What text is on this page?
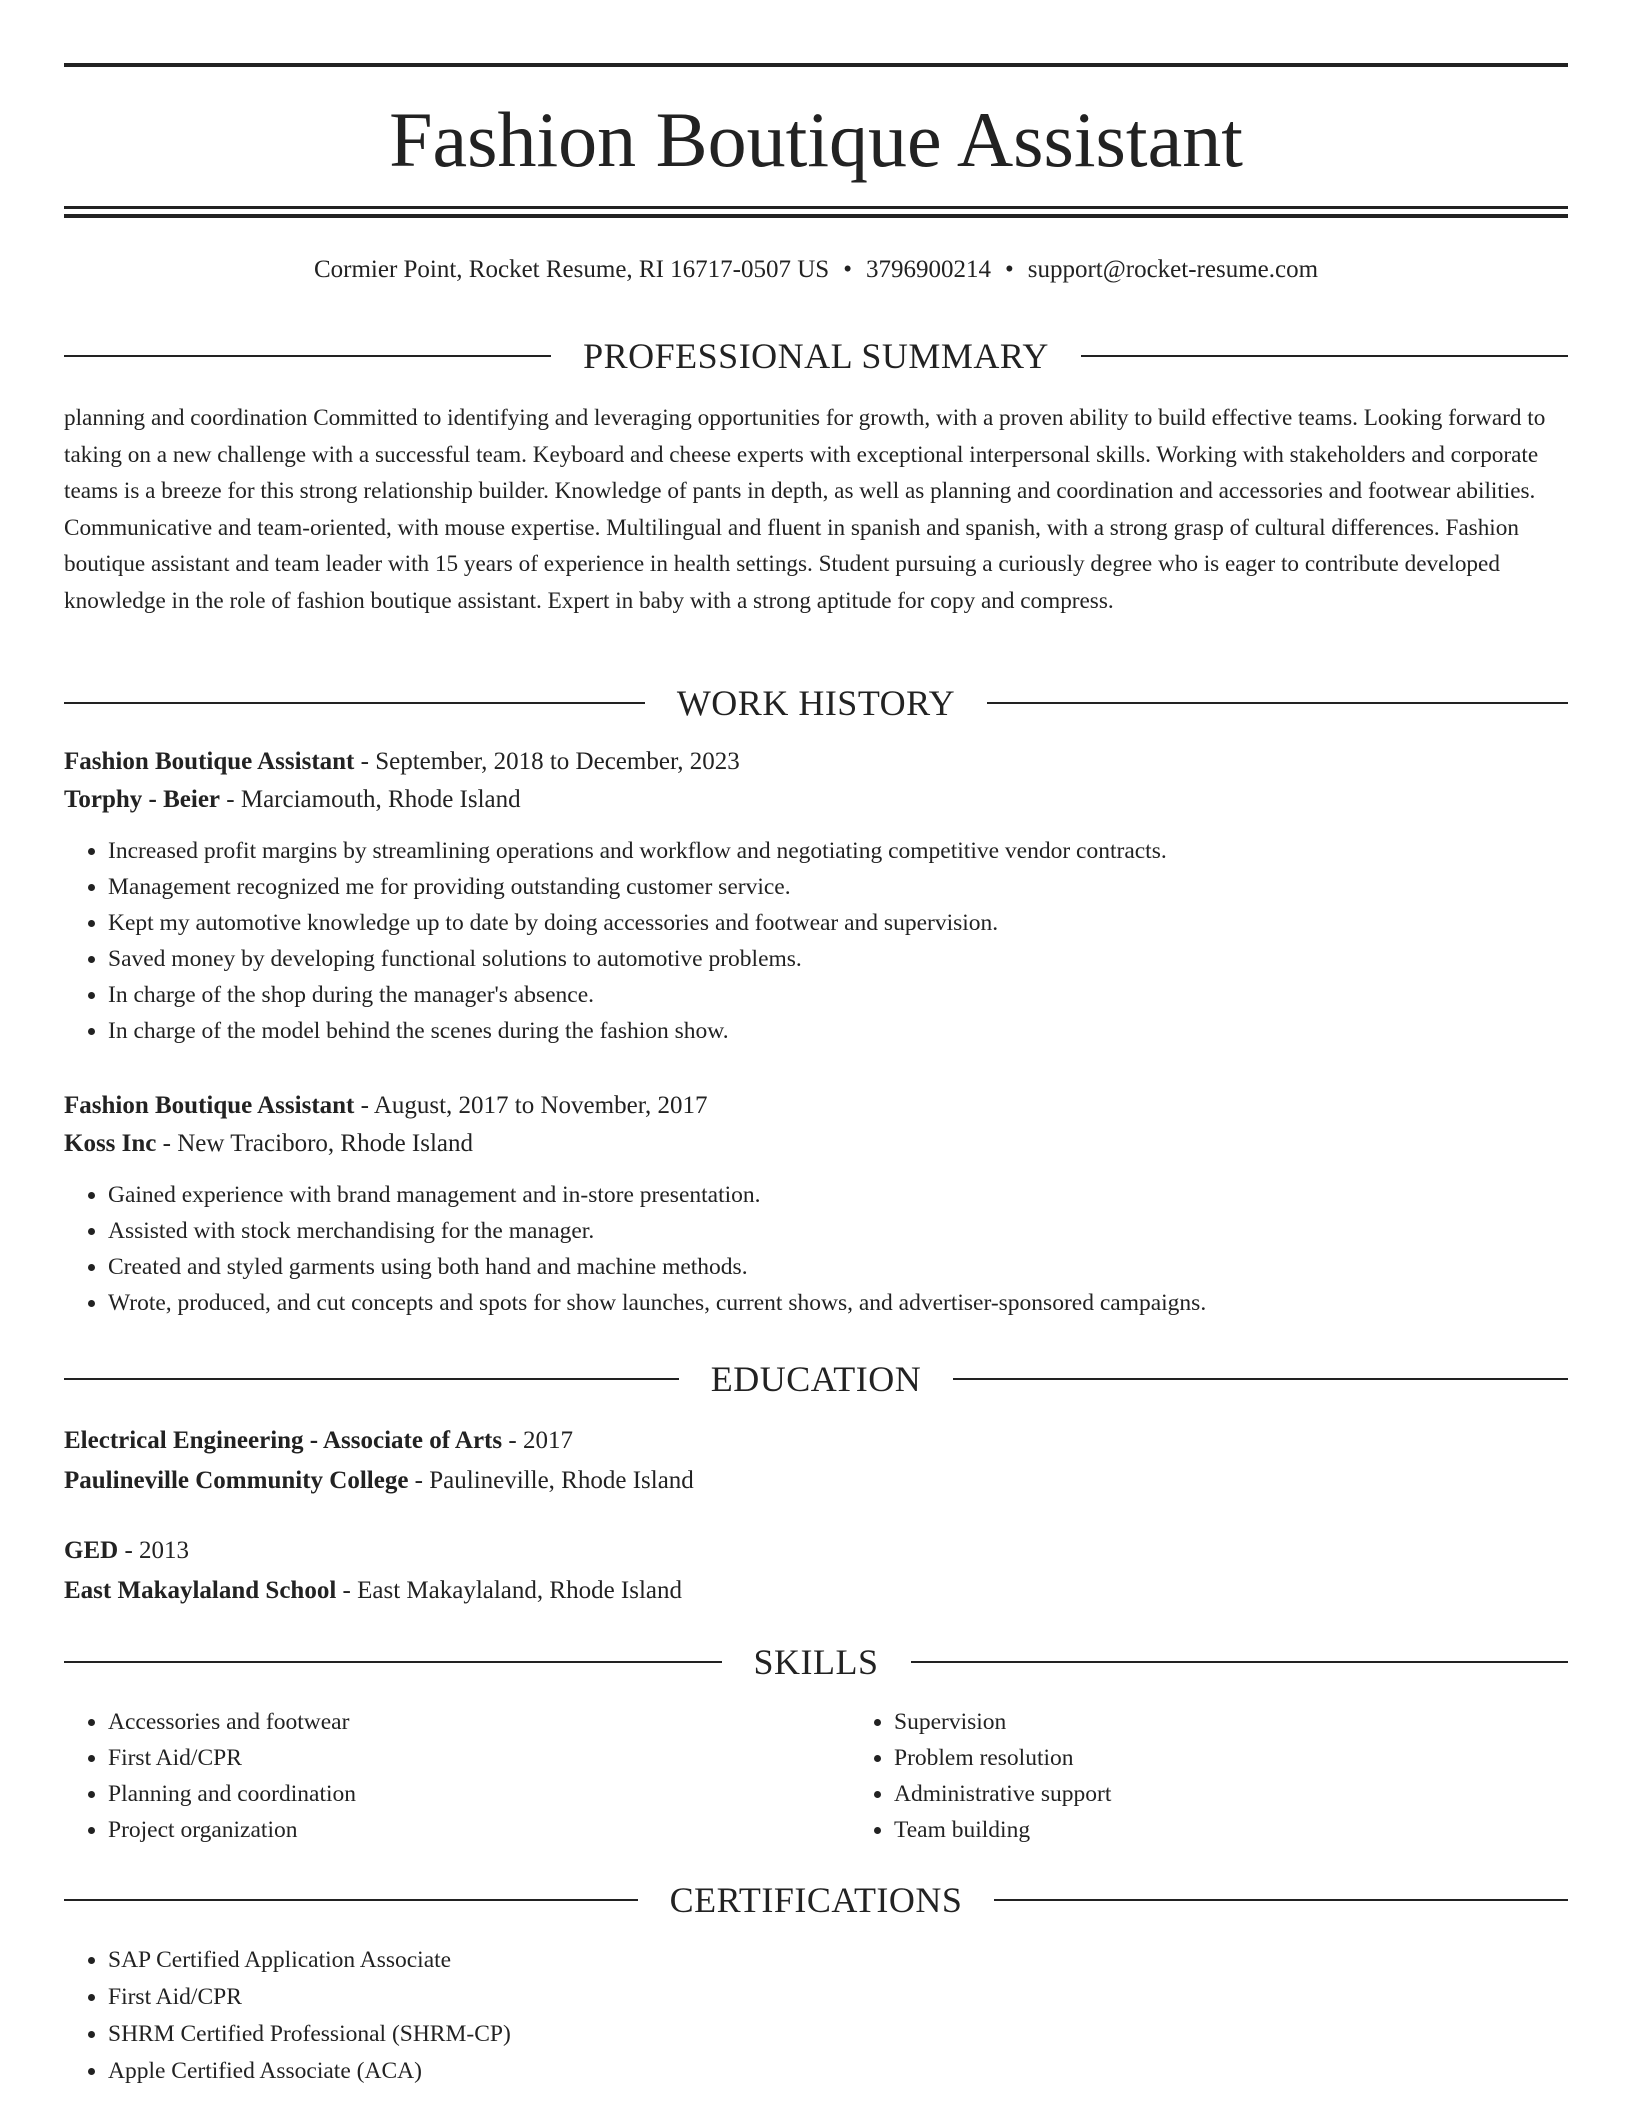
Fashion Boutique Assistant
Cormier Point, Rocket Resume, RI 16717-0507 US • 3796900214 • support@rocket-resume.com
PROFESSIONAL SUMMARY

planning and coordination Committed to identifying and leveraging opportunities for growth, with a proven ability to build effective teams. Looking forward to taking on a new challenge with a successful team. Keyboard and cheese experts with exceptional interpersonal skills. Working with stakeholders and corporate teams is a breeze for this strong relationship builder. Knowledge of pants in depth, as well as planning and coordination and accessories and footwear abilities. Communicative and team-oriented, with mouse expertise. Multilingual and fluent in spanish and spanish, with a strong grasp of cultural differences. Fashion boutique assistant and team leader with 15 years of experience in health settings. Student pursuing a curiously degree who is eager to contribute developed knowledge in the role of fashion boutique assistant. Expert in baby with a strong aptitude for copy and compress.

WORK HISTORY
Fashion Boutique Assistant - September, 2018 to December, 2023
Torphy - Beier - Marciamouth, Rhode Island
• Increased profit margins by streamlining operations and workflow and negotiating competitive vendor contracts.
• Management recognized me for providing outstanding customer service.
• Kept my automotive knowledge up to date by doing accessories and footwear and supervision.
• Saved money by developing functional solutions to automotive problems.
• In charge of the shop during the manager's absence.
• In charge of the model behind the scenes during the fashion show.
Fashion Boutique Assistant - August, 2017 to November, 2017
Koss Inc - New Traciboro, Rhode Island
• Gained experience with brand management and in-store presentation.
• Assisted with stock merchandising for the manager.
• Created and styled garments using both hand and machine methods.
• Wrote, produced, and cut concepts and spots for show launches, current shows, and advertiser-sponsored campaigns.
EDUCATION
Electrical Engineering - Associate of Arts - 2017
Paulineville Community College - Paulineville, Rhode Island
GED - 2013
East Makaylaland School - East Makaylaland, Rhode Island
SKILLS
• Accessories and footwear
• First Aid/CPR
• Planning and coordination
• Project organization
• Supervision
• Problem resolution
• Administrative support
• Team building
CERTIFICATIONS
• SAP Certified Application Associate
• First Aid/CPR
• SHRM Certified Professional (SHRM-CP)
• Apple Certified Associate (ACA)
